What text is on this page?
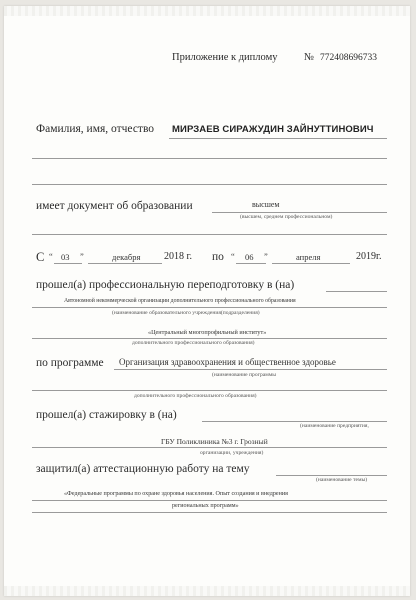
Приложение к диплому	№ 772408696733
Фамилия, имя, отчество МИРЗАЕВ СИРАЖУДИН ЗАЙНУТТИНОВИЧ
имеет документ об образовании	высшем
(высшем, среднем профессиональном)
С “ 03 ”	декабря 2018 г. по “ 06 ”	апреля	2019г.
прошел(а) профессиональную переподготовку в (на)
Автономной некоммерческой организации дополнительного профессионального образования
(наименование образовательного учреждения(подразделения)
«Центральный многопрофильный институт»
дополнительного профессионального образования)
по программе Организация здравоохранения и общественное здоровье
(наименование программы
дополнительного профессионального образования)
прошел(а) стажировку в (на)
(наименование предприятия,
ГБУ Поликлиника №3 г. Грозный
организации, учреждения)
защитил(а) аттестационную работу на тему
(наименование темы)
«Федеральные программы по охране здоровья населения. Опыт создания и внедрения
региональных программ»
